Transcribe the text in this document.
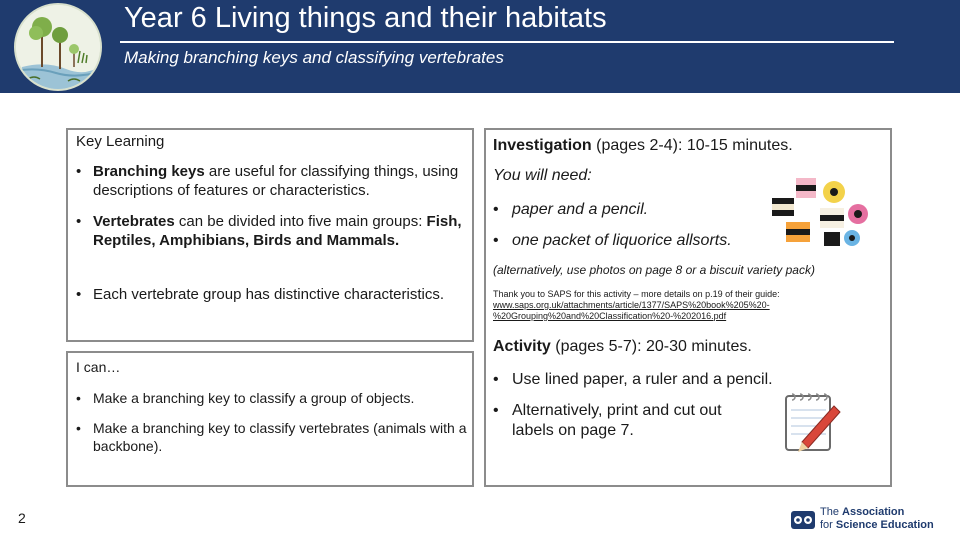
Year 6 Living things and their habitats
Making branching keys and classifying vertebrates
Key Learning
• Branching keys are useful for classifying things, using descriptions of features or characteristics.
• Vertebrates can be divided into five main groups: Fish, Reptiles, Amphibians, Birds and Mammals.
• Each vertebrate group has distinctive characteristics.
I can…
• Make a branching key to classify a group of objects.
• Make a branching key to classify vertebrates (animals with a backbone).
Investigation (pages 2-4): 10-15 minutes.
You will need:
• paper and a pencil.
• one packet of liquorice allsorts.
(alternatively, use photos on page 8 or a biscuit variety pack)
Thank you to SAPS for this activity – more details on p.19 of their guide:
www.saps.org.uk/attachments/article/1377/SAPS%20book%205%20-%20Grouping%20and%20Classification%20-%202016.pdf
Activity (pages 5-7): 20-30 minutes.
• Use lined paper, a ruler and a pencil.
• Alternatively, print and cut out labels on page 7.
2	The Association
for Science Education
